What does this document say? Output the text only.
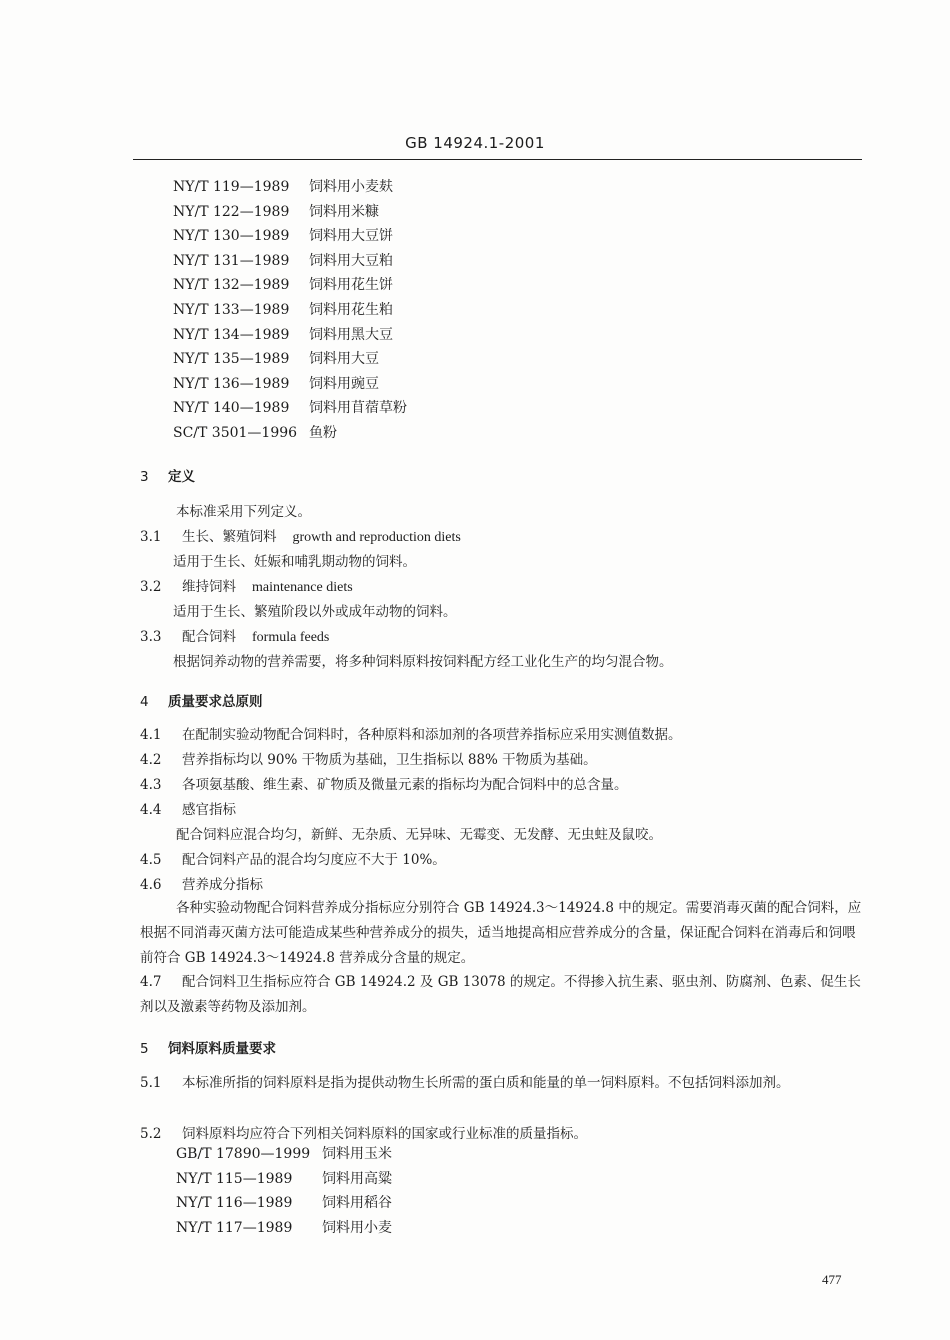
GB 14924.1-2001
NY/T 119—1989 饲料用小麦麸
NY/T 122—1989 饲料用米糠
NY/T 130—1989 饲料用大豆饼
NY/T 131—1989 饲料用大豆粕
NY/T 132—1989 饲料用花生饼
NY/T 133—1989 饲料用花生粕
NY/T 134—1989 饲料用黑大豆
NY/T 135—1989 饲料用大豆
NY/T 136—1989 饲料用豌豆
NY/T 140—1989 饲料用苜蓿草粉
SC/T 3501—1996 鱼粉
3 定义
本标准采用下列定义。
3.1 生长、繁殖饲料 growth and reproduction diets
适用于生长、妊娠和哺乳期动物的饲料。
3.2 维持饲料 maintenance diets
适用于生长、繁殖阶段以外或成年动物的饲料。
3.3 配合饲料 formula feeds
根据饲养动物的营养需要，将多种饲料原料按饲料配方经工业化生产的均匀混合物。
4 质量要求总原则
4.1 在配制实验动物配合饲料时，各种原料和添加剂的各项营养指标应采用实测值数据。
4.2 营养指标均以 90% 干物质为基础，卫生指标以 88% 干物质为基础。
4.3 各项氨基酸、维生素、矿物质及微量元素的指标均为配合饲料中的总含量。
4.4 感官指标
配合饲料应混合均匀，新鲜、无杂质、无异味、无霉变、无发酵、无虫蛀及鼠咬。
4.5 配合饲料产品的混合均匀度应不大于 10%。
4.6 营养成分指标
各种实验动物配合饲料营养成分指标应分别符合 GB 14924.3～14924.8 中的规定。需要消毒灭菌的配合饲料，应根据不同消毒灭菌方法可能造成某些种营养成分的损失，适当地提高相应营养成分的含量，保证配合饲料在消毒后和饲喂前符合 GB 14924.3～14924.8 营养成分含量的规定。
4.7 配合饲料卫生指标应符合 GB 14924.2 及 GB 13078 的规定。不得掺入抗生素、驱虫剂、防腐剂、色素、促生长剂以及激素等药物及添加剂。
5 饲料原料质量要求
5.1 本标准所指的饲料原料是指为提供动物生长所需的蛋白质和能量的单一饲料原料。不包括饲料添加剂。
5.2 饲料原料均应符合下列相关饲料原料的国家或行业标准的质量指标。
GB/T 17890—1999 饲料用玉米
NY/T 115—1989 饲料用高粱
NY/T 116—1989 饲料用稻谷
NY/T 117—1989 饲料用小麦
477
